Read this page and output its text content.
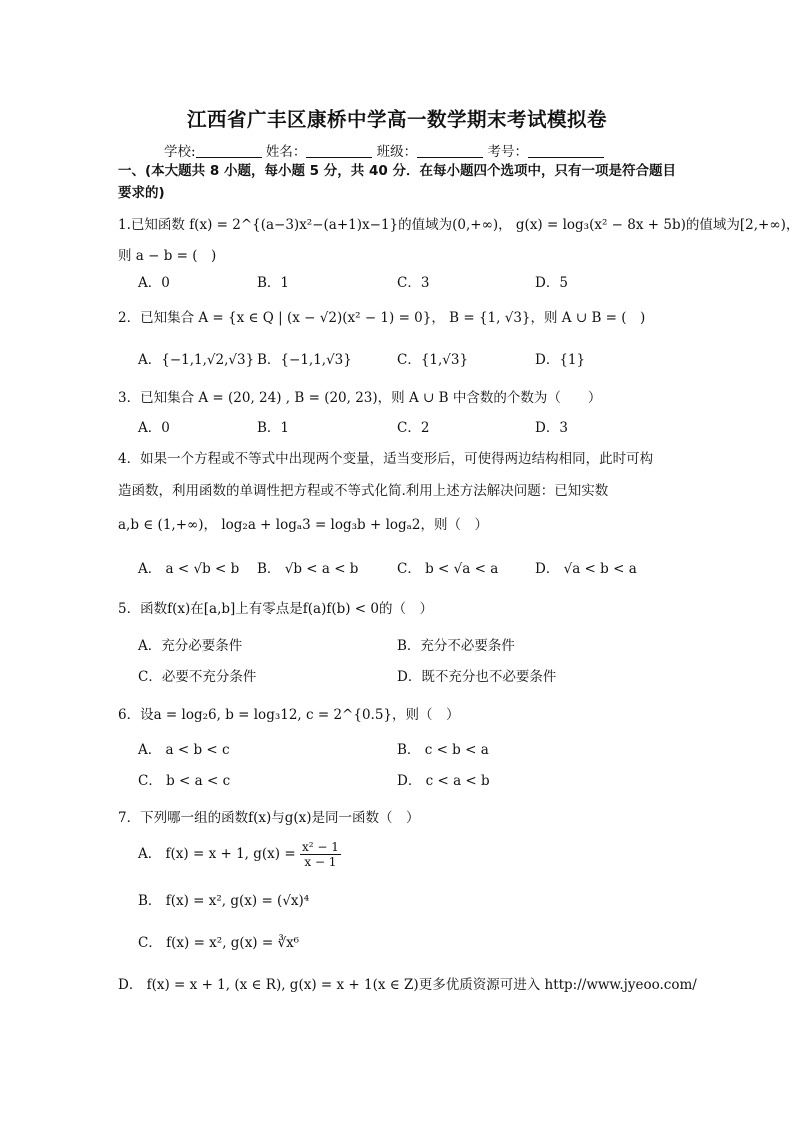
江西省广丰区康桥中学高一数学期末考试模拟卷
学校:	姓名：	班级：	考号：
一、(本大题共 8 小题，每小题 5 分，共 40 分．在每小题四个选项中，只有一项是符合题目要求的)
1.已知函数 f(x) = 2^{(a−3)x²−(a+1)x−1}的值域为(0,+∞)， g(x) = log₃(x² − 8x + 5b)的值域为[2,+∞)，
则 a − b = (　)
A．0	B．1	C．3	D．5
2．已知集合 A = {x ∈ Q | (x − √2)(x² − 1) = 0}， B = {1, √3}，则 A ∪ B = (　)
A．{−1,1,√2,√3} B．{−1,1,√3}	C．{1,√3}	D．{1}
3．已知集合 A = (20, 24) , B = (20, 23)，则 A ∪ B 中含数的个数为（　　）
A．0	B．1	C．2	D．3
4．如果一个方程或不等式中出现两个变量，适当变形后，可使得两边结构相同，此时可构
造函数，利用函数的单调性把方程或不等式化简.利用上述方法解决问题：已知实数
a,b ∈ (1,+∞)， log₂a + logₐ3 = log₃b + logₐ2，则（　）
A． a < √b < b B． √b < a < b	C． b < √a < a	D． √a < b < a
5．函数f(x)在[a,b]上有零点是f(a)f(b) < 0的（　）
A．充分必要条件	B．充分不必要条件
C．必要不充分条件	D．既不充分也不必要条件
6．设a = log₂6, b = log₃12, c = 2^{0.5}，则（　）
A． a < b < c	B． c < b < a
C． b < a < c	D． c < a < b
7．下列哪一组的函数f(x)与g(x)是同一函数（　）
A． f(x) = x + 1, $g(x) = \frac{\text{x² − 1}}{x - 1}$
B． f(x) = x², g(x) = (√x)⁴
C． f(x) = x², g(x) = ∛x⁶
D． f(x) = x + 1, (x ∈ R), g(x) = x + 1(x ∈ Z)更多优质资源可进入 http://www.jyeoo.com/
